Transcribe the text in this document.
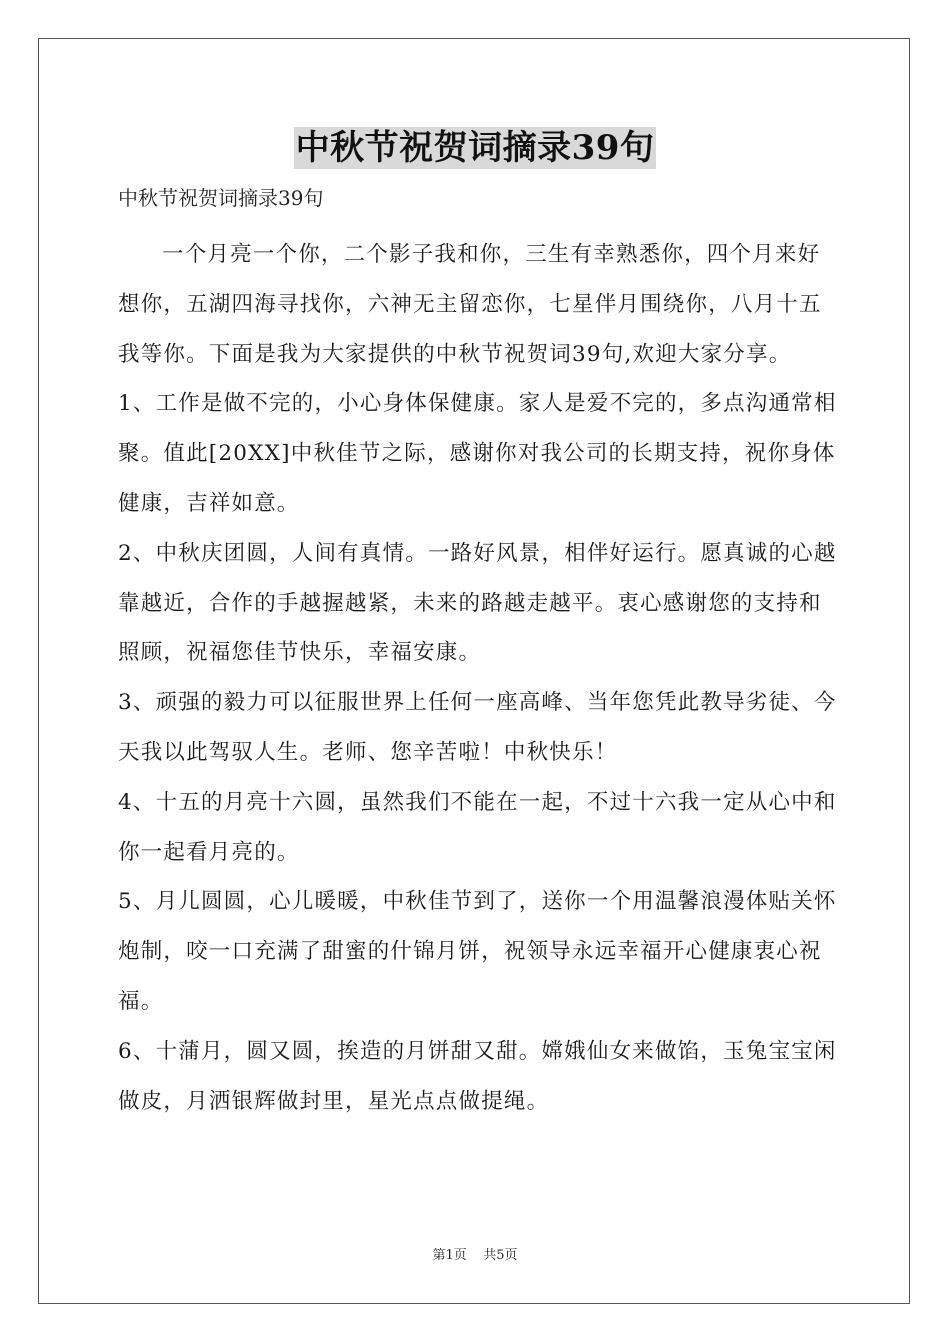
中秋节祝贺词摘录39句
中秋节祝贺词摘录39句

一个月亮一个你，二个影子我和你，三生有幸熟悉你，四个月来好想你，五湖四海寻找你，六神无主留恋你，七星伴月围绕你，八月十五我等你。下面是我为大家提供的中秋节祝贺词39句,欢迎大家分享。

1、工作是做不完的，小心身体保健康。家人是爱不完的，多点沟通常相聚。值此[20XX]中秋佳节之际，感谢你对我公司的长期支持，祝你身体健康，吉祥如意。

2、中秋庆团圆，人间有真情。一路好风景，相伴好运行。愿真诚的心越靠越近，合作的手越握越紧，未来的路越走越平。衷心感谢您的支持和照顾，祝福您佳节快乐，幸福安康。

3、顽强的毅力可以征服世界上任何一座高峰、当年您凭此教导劣徒、今天我以此驾驭人生。老师、您辛苦啦！中秋快乐！

4、十五的月亮十六圆，虽然我们不能在一起，不过十六我一定从心中和你一起看月亮的。

5、月儿圆圆，心儿暖暖，中秋佳节到了，送你一个用温馨浪漫体贴关怀炮制，咬一口充满了甜蜜的什锦月饼，祝领导永远幸福开心健康衷心祝福。

6、十蒲月，圆又圆，挨造的月饼甜又甜。嫦娥仙女来做馅，玉兔宝宝闲做皮，月洒银辉做封里，星光点点做提绳。

第1页 共5页
